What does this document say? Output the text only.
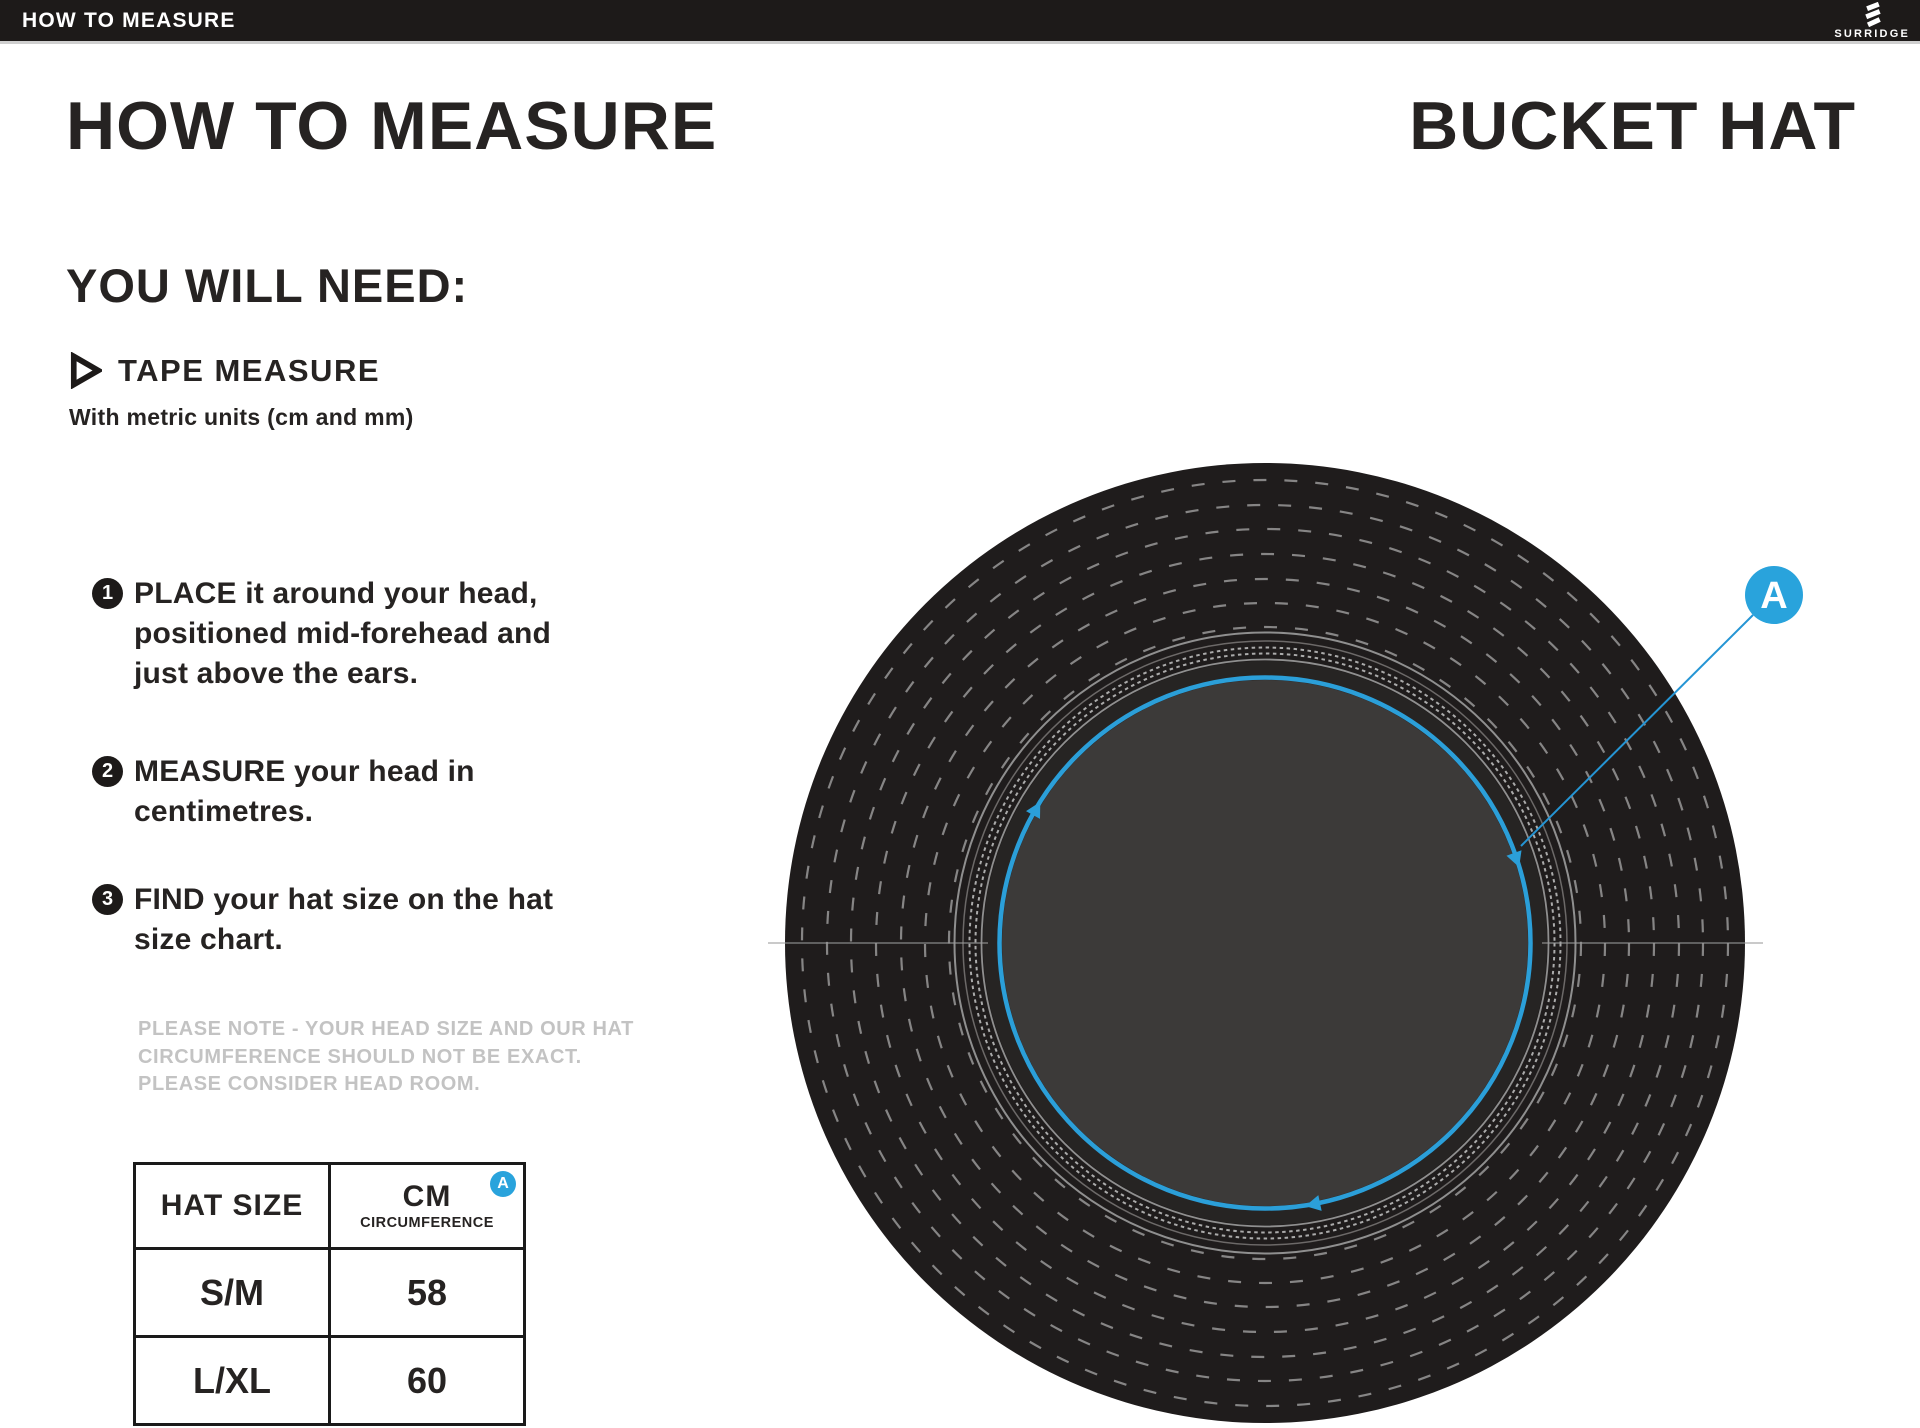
A
HOW TO MEASURE
SURRIDGE
HOW TO MEASURE	BUCKET HAT
YOU WILL NEED:
TAPE MEASURE
With metric units (cm and mm)
1 PLACE it around your head,
positioned mid-forehead and
just above the ears.
2 MEASURE your head in
centimetres.
3 FIND your hat size on the hat
size chart.
PLEASE NOTE - YOUR HEAD SIZE AND OUR HAT
CIRCUMFERENCE SHOULD NOT BE EXACT.
PLEASE CONSIDER HEAD ROOM.
HAT SIZE	CM
CIRCUMFERENCE
A

S/M	58
L/XL	60
